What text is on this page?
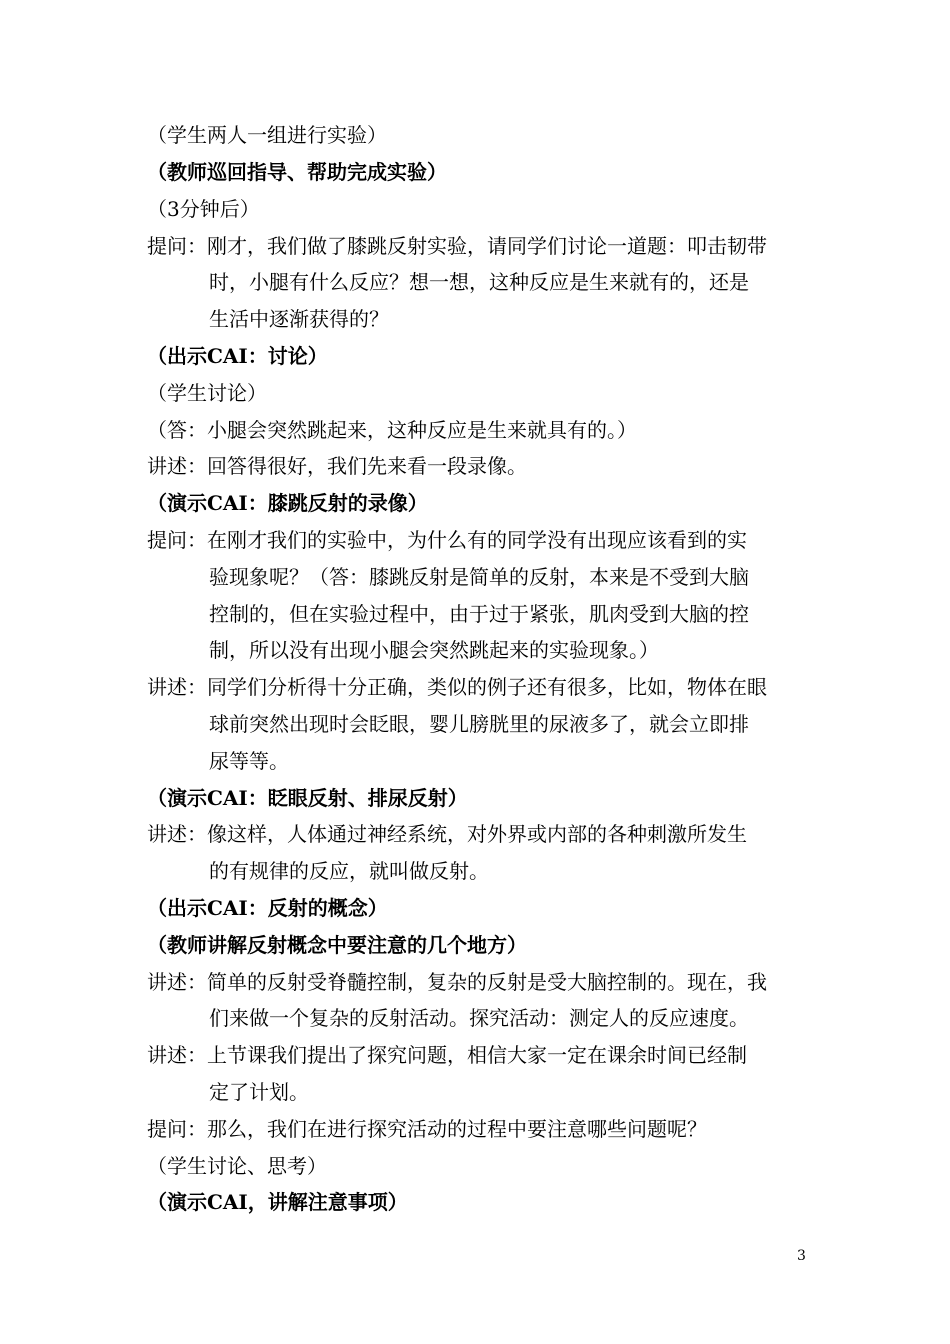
（学生两人一组进行实验）
（教师巡回指导、帮助完成实验）
（3分钟后）
提问：刚才，我们做了膝跳反射实验，请同学们讨论一道题：叩击韧带
时，小腿有什么反应？想一想，这种反应是生来就有的，还是
生活中逐渐获得的？
（出示CAI：讨论）
（学生讨论）
（答：小腿会突然跳起来，这种反应是生来就具有的。）
讲述：回答得很好，我们先来看一段录像。
（演示CAI：膝跳反射的录像）
提问：在刚才我们的实验中，为什么有的同学没有出现应该看到的实
验现象呢？（答：膝跳反射是简单的反射，本来是不受到大脑
控制的，但在实验过程中，由于过于紧张，肌肉受到大脑的控
制，所以没有出现小腿会突然跳起来的实验现象。）
讲述：同学们分析得十分正确，类似的例子还有很多，比如，物体在眼
球前突然出现时会眨眼，婴儿膀胱里的尿液多了，就会立即排
尿等等。
（演示CAI：眨眼反射、排尿反射）
讲述：像这样，人体通过神经系统，对外界或内部的各种刺激所发生
的有规律的反应，就叫做反射。
（出示CAI：反射的概念）
（教师讲解反射概念中要注意的几个地方）
讲述：简单的反射受脊髓控制，复杂的反射是受大脑控制的。现在，我
们来做一个复杂的反射活动。探究活动：测定人的反应速度。
讲述：上节课我们提出了探究问题，相信大家一定在课余时间已经制
定了计划。
提问：那么，我们在进行探究活动的过程中要注意哪些问题呢？
（学生讨论、思考）
（演示CAI，讲解注意事项）
3
